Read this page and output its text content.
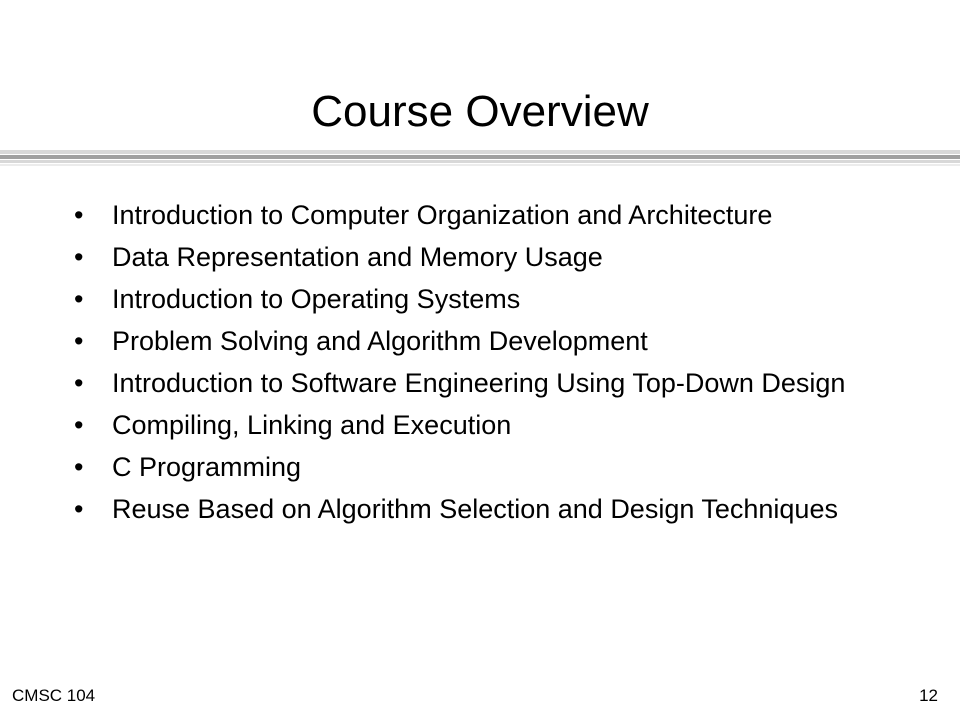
Course Overview
•	Introduction to Computer Organization and Architecture
•	Data Representation and Memory Usage
•	Introduction to Operating Systems
•	Problem Solving and Algorithm Development
•	Introduction to Software Engineering Using Top-Down Design
•	Compiling, Linking and Execution
•	C Programming
•	Reuse Based on Algorithm Selection and Design Techniques
CMSC 104	12
